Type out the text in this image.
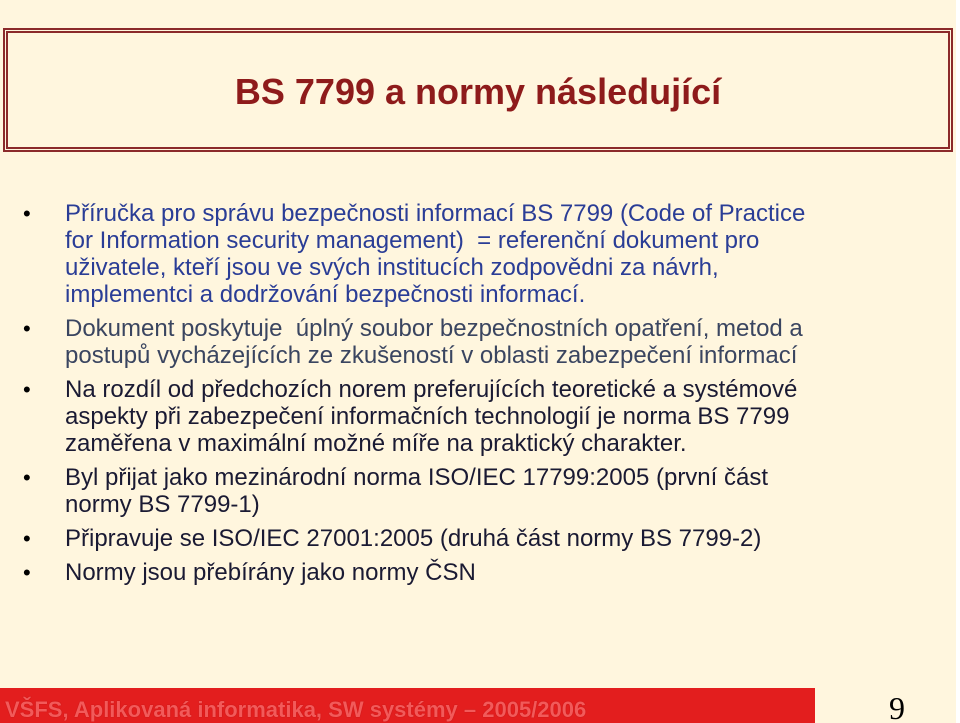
BS 7799 a normy následující
• Příručka pro správu bezpečnosti informací BS 7799 (Code of Practice
for Information security management)  = referenční dokument pro
uživatele, kteří jsou ve svých institucích zodpovědni za návrh,
implementci a dodržování bezpečnosti informací.
• Dokument poskytuje  úplný soubor bezpečnostních opatření, metod a
postupů vycházejících ze zkušeností v oblasti zabezpečení informací
• Na rozdíl od předchozích norem preferujících teoretické a systémové
aspekty při zabezpečení informačních technologií je norma BS 7799
zaměřena v maximální možné míře na praktický charakter.
• Byl přijat jako mezinárodní norma ISO/IEC 17799:2005 (první část
normy BS 7799-1)
• Připravuje se ISO/IEC 27001:2005 (druhá část normy BS 7799-2)
• Normy jsou přebírány jako normy ČSN
VŠFS, Aplikovaná informatika, SW systémy – 2005/2006	9
